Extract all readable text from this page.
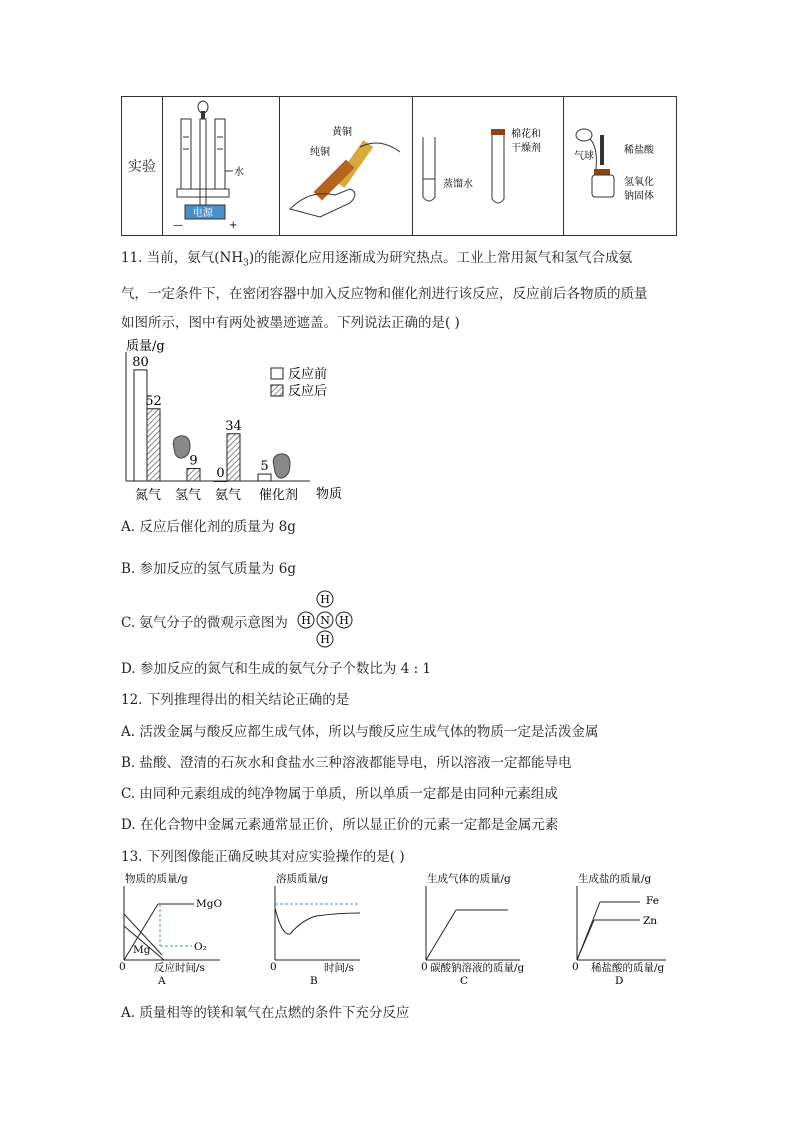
实验	水
电源
—	+

黄铜
纯铜

蒸馏水
棉花和
干燥剂

气球
稀盐酸
氢氧化
钠固体
11. 当前，氨气$(NH_3)$的能源化应用逐渐成为研究热点。工业上常用氮气和氢气合成氨
气，一定条件下，在密闭容器中加入反应物和催化剂进行该反应，反应前后各物质的质量
如图所示，图中有两处被墨迹遮盖。下列说法正确的是( )
质量/g
物质
80
52
9
0
34
5
氮气 氢气 氨气 催化剂
反应前
反应后
A. 反应后催化剂的质量为 8g
B. 参加反应的氢气质量为 6g
C. 氨气分子的微观示意图为
H
H N H
H
D. 参加反应的氮气和生成的氨气分子个数比为 4 : 1
12. 下列推理得出的相关结论正确的是
A. 活泼金属与酸反应都生成气体，所以与酸反应生成气体的物质一定是活泼金属
B. 盐酸、澄清的石灰水和食盐水三种溶液都能导电，所以溶液一定都能导电
C. 由同种元素组成的纯净物属于单质，所以单质一定都是由同种元素组成
D. 在化合物中金属元素通常显正价，所以显正价的元素一定都是金属元素
13. 下列图像能正确反映其对应实验操作的是( )
物质的质量/g
MgO
Mg	O₂
0	反应时间/s
A
溶质质量/g
0	时间/s
B
生成气体的质量/g
0 碳酸钠溶液的质量/g
C
生成盐的质量/g
Fe
Zn
0 稀盐酸的质量/g
D
A. 质量相等的镁和氧气在点燃的条件下充分反应
